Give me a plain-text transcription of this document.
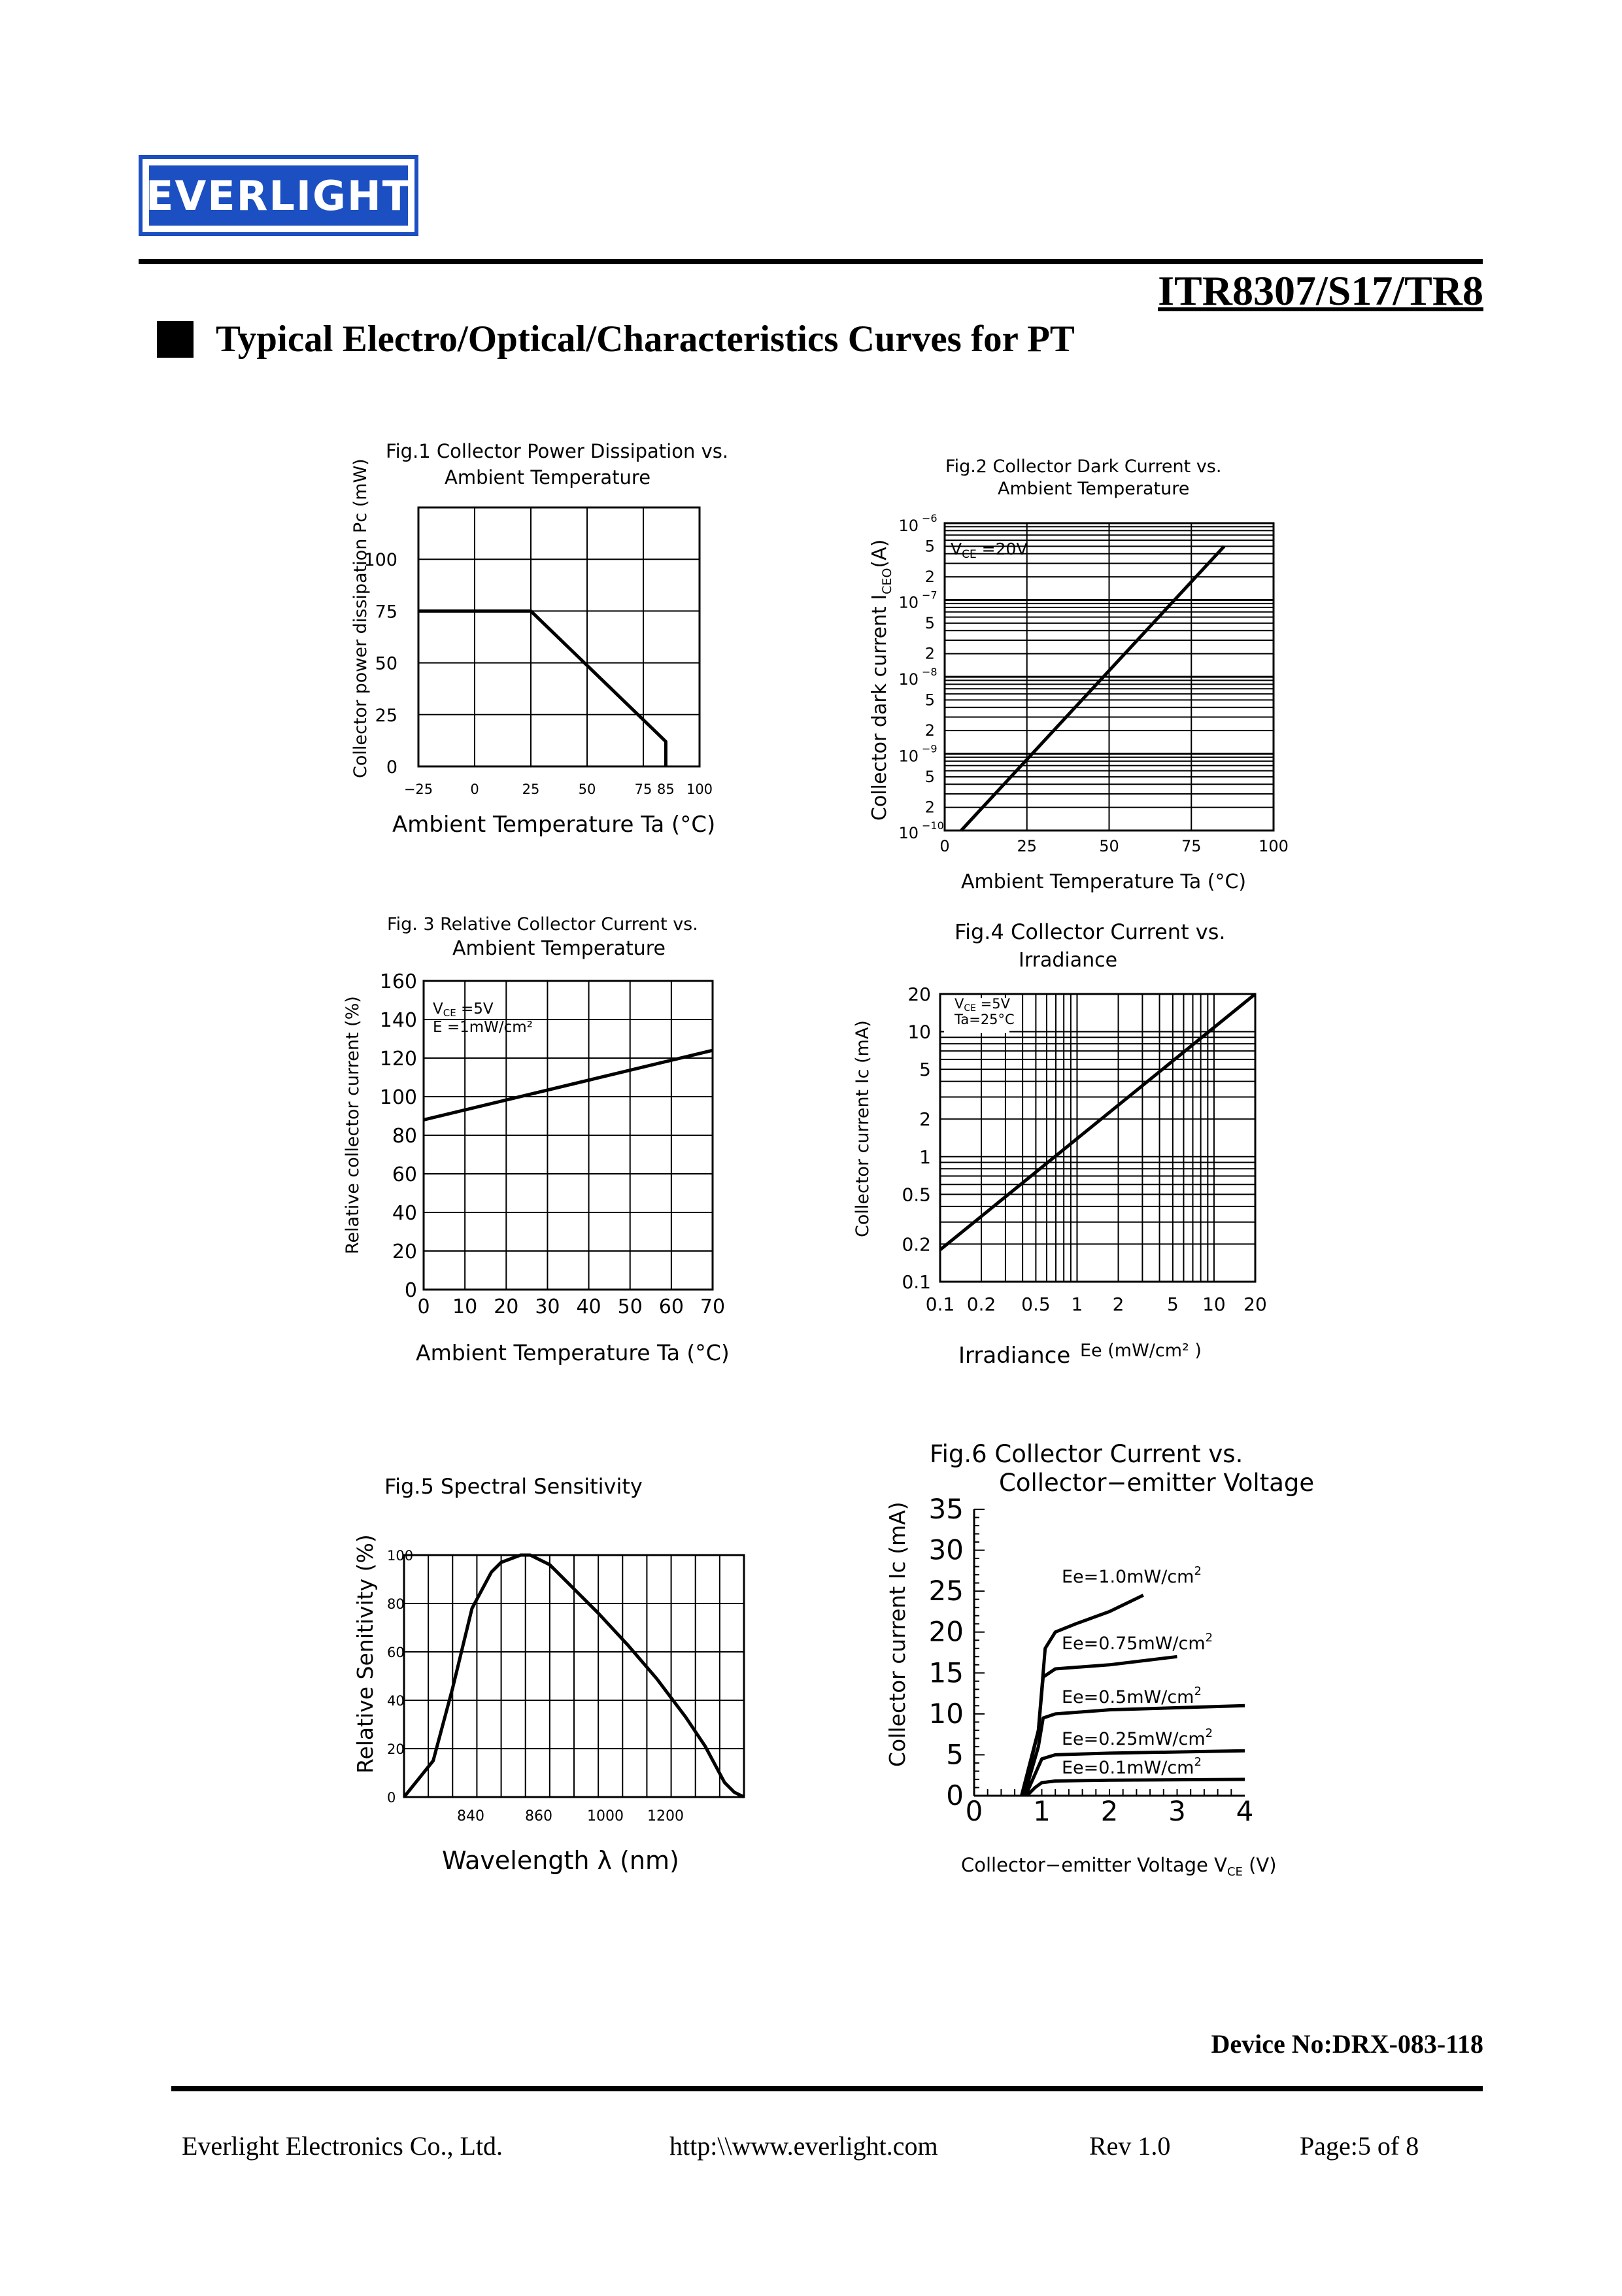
EVERLIGHT
ITR8307/S17/TR8
Typical Electro/Optical/Characteristics Curves for PT
Fig.1 Collector Power Dissipation vs.
Ambient Temperature
0
25
50
75
100
−25	0	25	50	75 85 100
Ambient Temperature Ta (°C)
Collector power dissipation Pc (mW)	Fig.2 Collector Dark Current vs.
Ambient Temperature
0	25	50	75	100
10 −10
2
5
10 −9
2
5
10 −8
2
5
10 −7
2
5
10 −6
$V_{CE} =20V$
Ambient Temperature Ta (°C)
Collector dark current $I_{CEO}(A)$
Fig. 3 Relative Collector Current vs.
Ambient Temperature
0
20
40
60
80
100
120
140
160
0 10 20 30 40 50 60 70
VCE =5V
E =1mW/cm²
Ambient Temperature Ta (°C)
Relative collector current (%)
Fig.4 Collector Current vs.
Irradiance
0.1
0.2
0.5
1
2
5
10
20
0.1 0.2 0.5 1 2 5 10 20
VCE =5V
Ta=25°C
Irradiance Ee (mW/cm² )
Collector current Ic (mA)
Fig.5 Spectral Sensitivity
0
20
40
60
80
100
840	860 1000 1200
Wavelength λ (nm)
Relative Senitivity (%)
Fig.6 Collector Current vs.
Collector−emitter Voltage
0
5
10
15
20
25
30
35
0 1 2 3 4
$Ee=1.0mW/cm^2$
$Ee=0.75mW/cm^2$
$Ee=0.5mW/cm^2$
$Ee=0.25mW/cm^2$
$Ee=0.1mW/cm^2$
Collector−emitter Voltage $V_{CE}$ (V)
Collector current Ic (mA)
Device No:DRX-083-118
Everlight Electronics Co., Ltd.	http:\\www.everlight.com	Rev 1.0	Page:5 of 8
